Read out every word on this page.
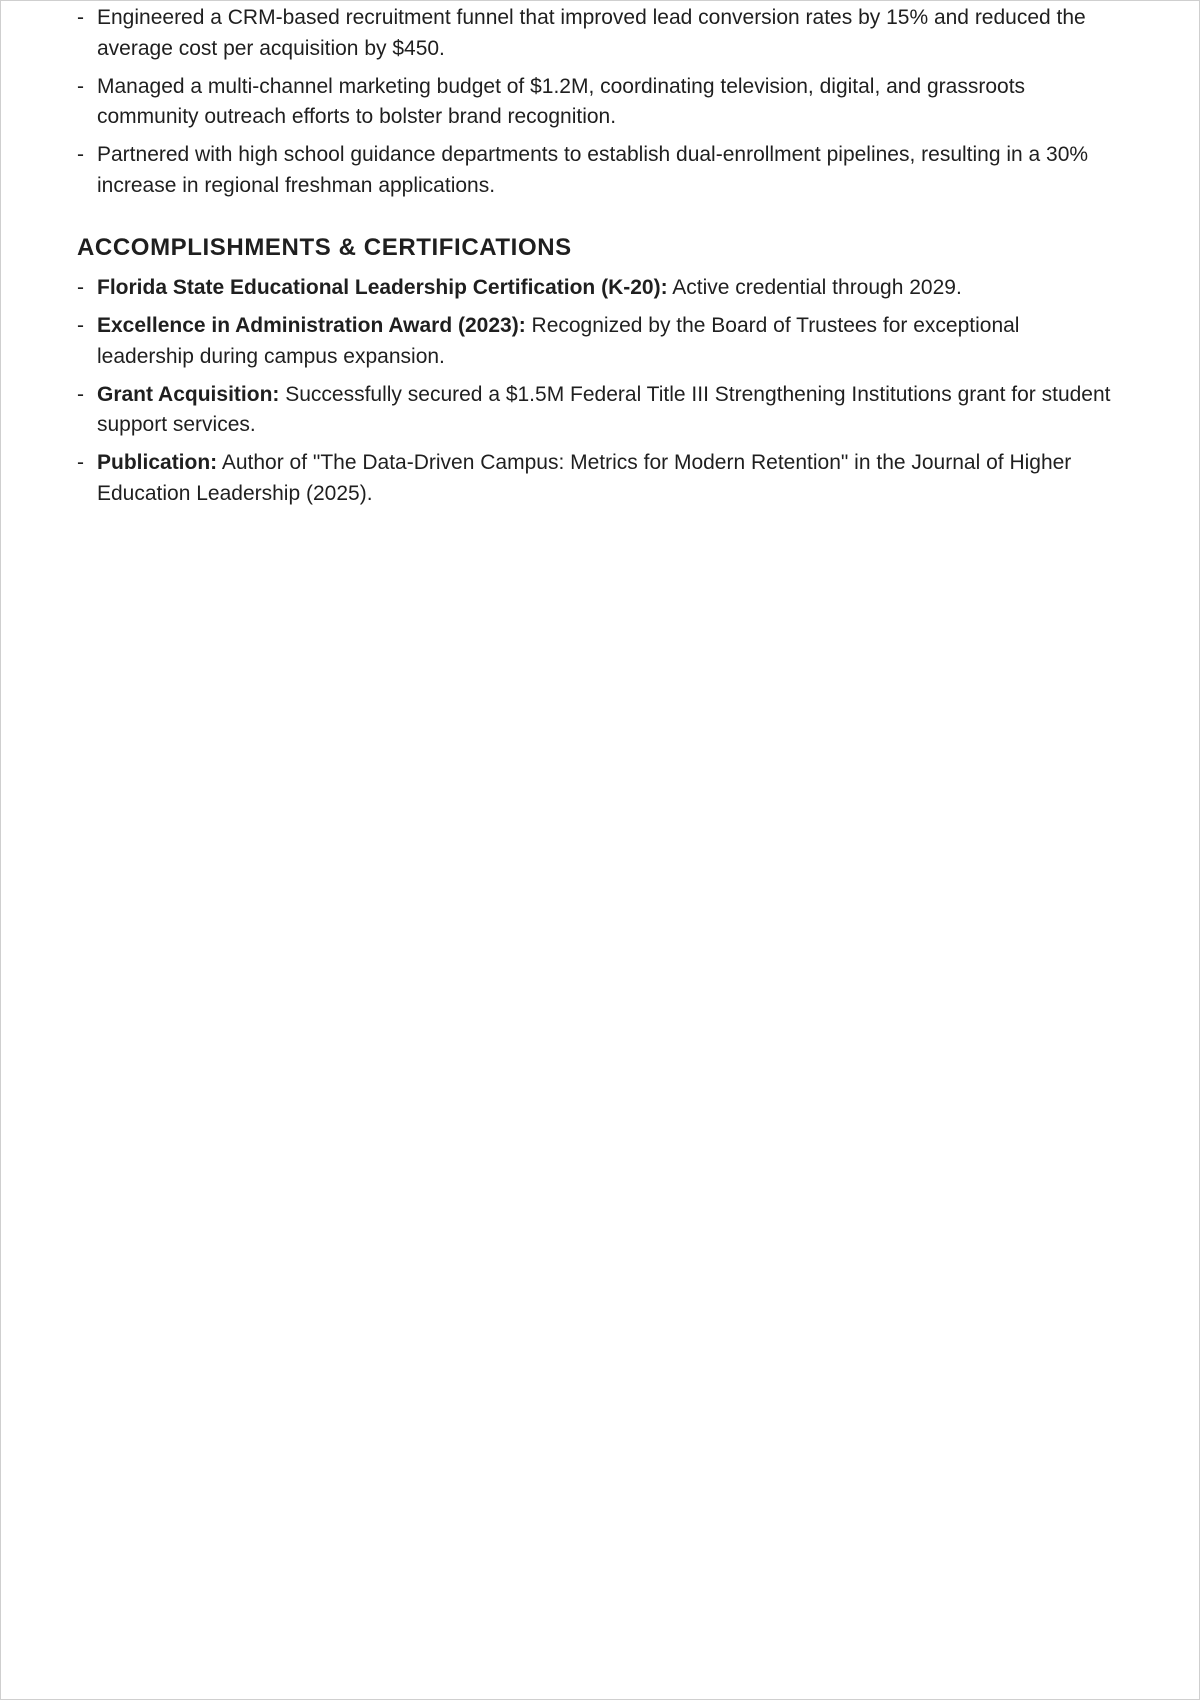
- Engineered a CRM-based recruitment funnel that improved lead conversion rates by 15% and reduced the average cost per acquisition by $450.
- Managed a multi-channel marketing budget of $1.2M, coordinating television, digital, and grassroots community outreach efforts to bolster brand recognition.
- Partnered with high school guidance departments to establish dual-enrollment pipelines, resulting in a 30% increase in regional freshman applications.
ACCOMPLISHMENTS & CERTIFICATIONS
- Florida State Educational Leadership Certification (K-20): Active credential through 2029.
- Excellence in Administration Award (2023): Recognized by the Board of Trustees for exceptional leadership during campus expansion.
- Grant Acquisition: Successfully secured a $1.5M Federal Title III Strengthening Institutions grant for student support services.
- Publication: Author of "The Data-Driven Campus: Metrics for Modern Retention" in the Journal of Higher Education Leadership (2025).
